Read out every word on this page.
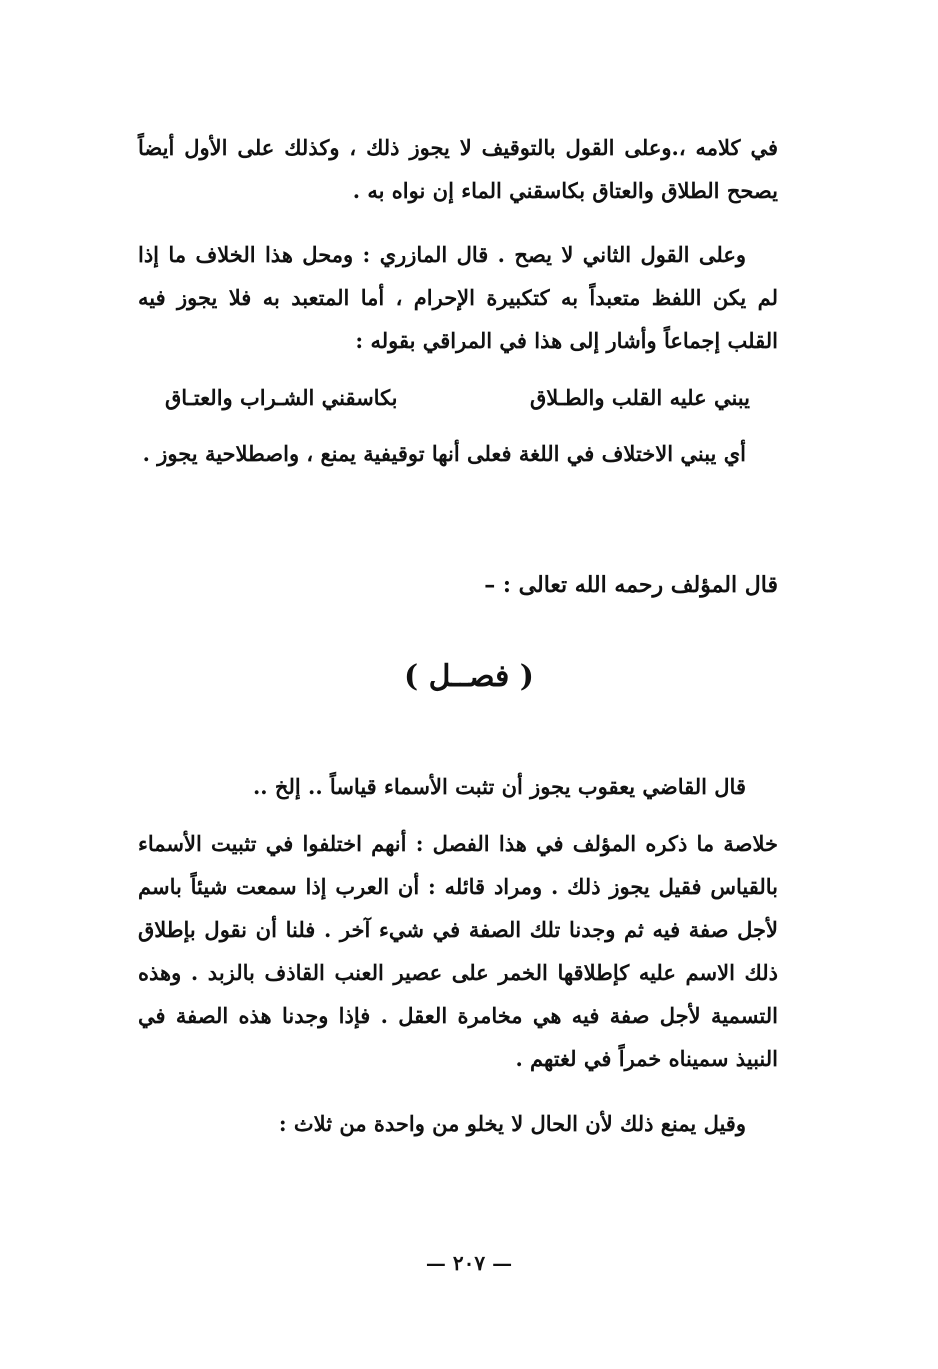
في كلامه ،.وعلى القول بالتوقيف لا يجوز ذلك ، وكذلك على الأول أيضاً يصحح الطلاق والعتاق بكاسقني الماء إن نواه به .

وعلى القول الثاني لا يصح . قال المازري : ومحل هذا الخلاف ما إذا لم يكن اللفظ متعبداً به كتكبيرة الإحرام ، أما المتعبد به فلا يجوز فيه القلب إجماعاً وأشار إلى هذا في المراقي بقوله :

يبني عليه القلب والطـلاق
بكاسقني الشـراب والعتـاق

أي يبني الاختلاف في اللغة فعلى أنها توقيفية يمنع ، واصطلاحية يجوز .

قال المؤلف رحمه الله تعالى : –

( فصــل )

قال القاضي يعقوب يجوز أن تثبت الأسماء قياساً .. إلخ ..

خلاصة ما ذكره المؤلف في هذا الفصل : أنهم اختلفوا في تثبيت الأسماء بالقياس فقيل يجوز ذلك . ومراد قائله : أن العرب إذا سمعت شيئاً باسم لأجل صفة فيه ثم وجدنا تلك الصفة في شيء آخر . فلنا أن نقول بإطلاق ذلك الاسم عليه كإطلاقها الخمر على عصير العنب القاذف بالزبد . وهذه التسمية لأجل صفة فيه هي مخامرة العقل . فإذا وجدنا هذه الصفة في النبيذ سميناه خمراً في لغتهم .

وقيل يمنع ذلك لأن الحال لا يخلو من واحدة من ثلاث :

— ٢٠٧ —
